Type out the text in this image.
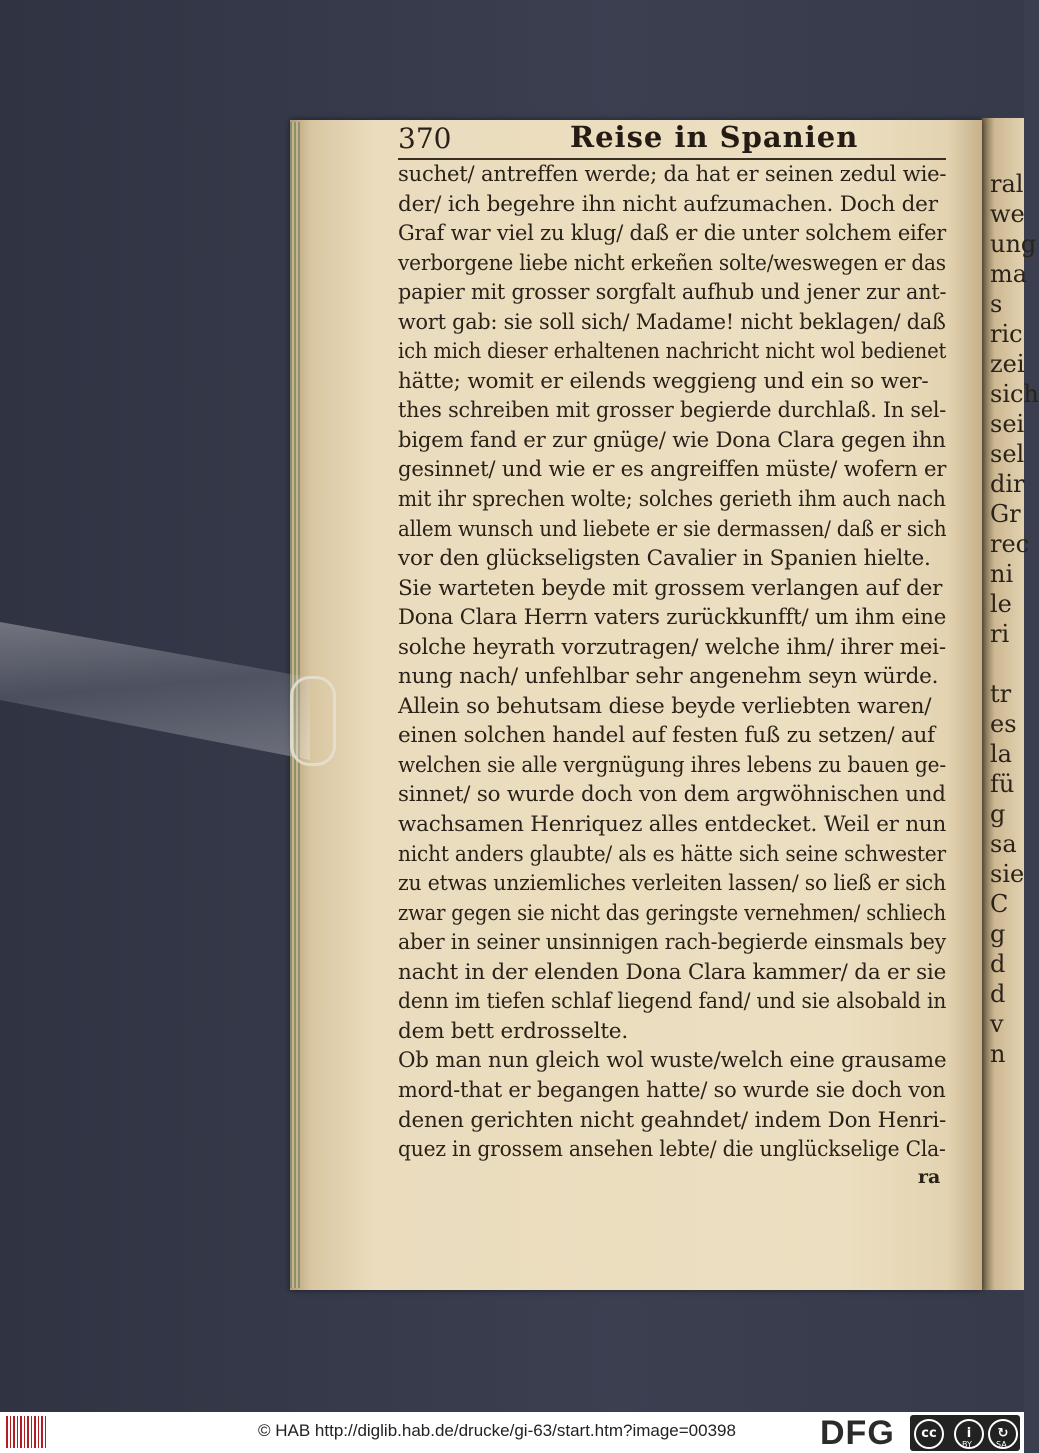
ral
we
ung
ma
s
ric
zei
sich
sei
sel
dir
Gr
rec
ni
le
ri
tr
es
la
fü
g
sa
sie
C
g
d
d
v
n
370	Reise in Spanien
suchet/ antreffen werde; da hat er seinen zedul wie-
der/ ich begehre ihn nicht aufzumachen. Doch der
Graf war viel zu klug/ daß er die unter solchem eifer
verborgene liebe nicht erkeñen solte/weswegen er das
papier mit grosser sorgfalt aufhub und jener zur ant-
wort gab: sie soll sich/ Madame! nicht beklagen/ daß
ich mich dieser erhaltenen nachricht nicht wol bedienet
hätte; womit er eilends weggieng und ein so wer-
thes schreiben mit grosser begierde durchlaß. In sel-
bigem fand er zur gnüge/ wie Dona Clara gegen ihn
gesinnet/ und wie er es angreiffen müste/ wofern er
mit ihr sprechen wolte; solches gerieth ihm auch nach
allem wunsch und liebete er sie dermassen/ daß er sich
vor den glückseligsten Cavalier in Spanien hielte.
Sie warteten beyde mit grossem verlangen auf der
Dona Clara Herrn vaters zurückkunfft/ um ihm eine
solche heyrath vorzutragen/ welche ihm/ ihrer mei-
nung nach/ unfehlbar sehr angenehm seyn würde.
Allein so behutsam diese beyde verliebten waren/
einen solchen handel auf festen fuß zu setzen/ auf
welchen sie alle vergnügung ihres lebens zu bauen ge-
sinnet/ so wurde doch von dem argwöhnischen und
wachsamen Henriquez alles entdecket. Weil er nun
nicht anders glaubte/ als es hätte sich seine schwester
zu etwas unziemliches verleiten lassen/ so ließ er sich
zwar gegen sie nicht das geringste vernehmen/ schliech
aber in seiner unsinnigen rach-begierde einsmals bey
nacht in der elenden Dona Clara kammer/ da er sie
denn im tiefen schlaf liegend fand/ und sie alsobald in
dem bett erdrosselte.
Ob man nun gleich wol wuste/welch eine grausame
mord-that er begangen hatte/ so wurde sie doch von
denen gerichten nicht geahndet/ indem Don Henri-
quez in grossem ansehen lebte/ die unglückselige Cla-
ra
© HAB http://diglib.hab.de/drucke/gi-63/start.htm?image=00398 DFG	cc	i	↻
BY	SA
